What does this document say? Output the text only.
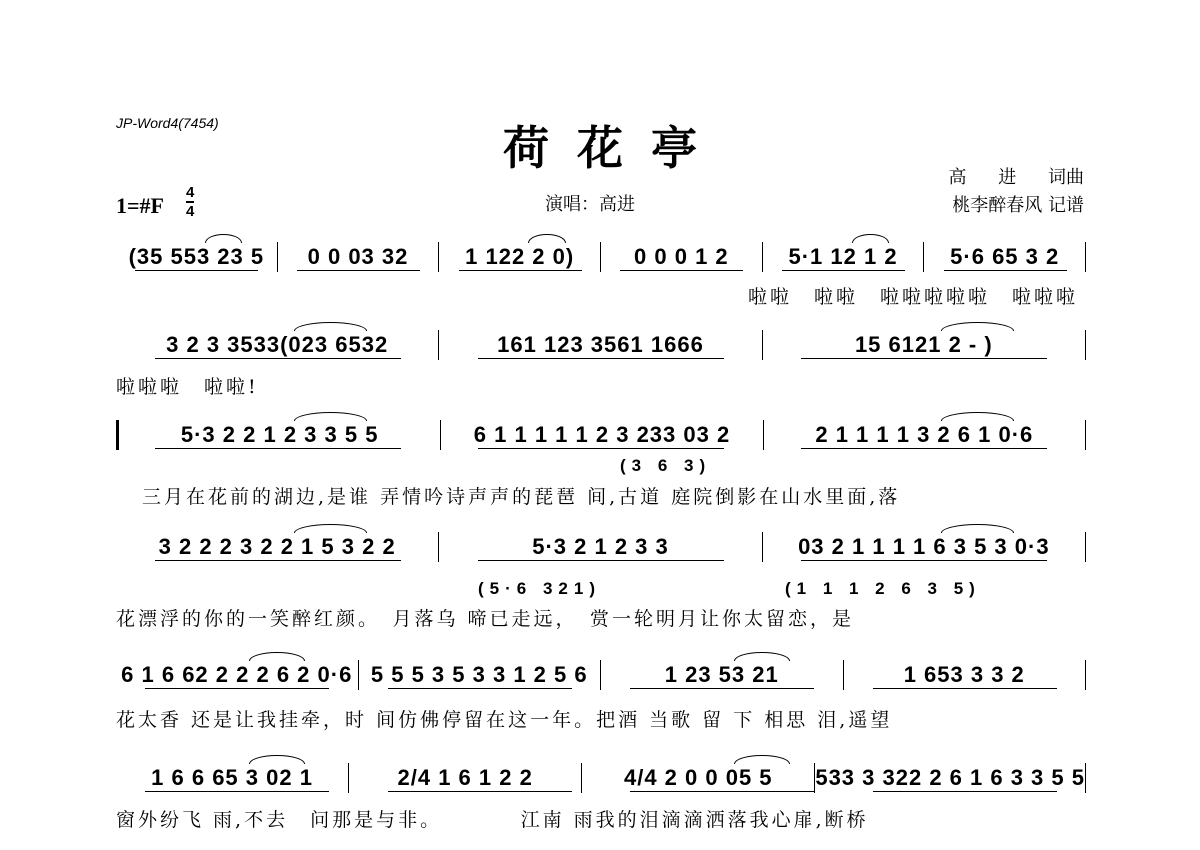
JP-Word4(7454)	荷花亭
高 进 词曲
桃李醉春风 记谱
1=#F
4
4	演唱：高进
(35 553 23 5	0 0 03 32	1 122 2 0)	0 0 0 1 2	5·1 12 1 2	5·6 65 3 2
啦啦　啦啦　啦啦啦啦啦　啦啦啦
3 2 3 3533(023 6532	161 123 3561 1666	15 6121 2 - )
啦啦啦　啦啦!
5·3 2 2 1 2 3 3 5 5	6 1 1 1 1 1 2 3 233 03 2	2 1 1 1 1 3 2 6 1 0·6
(3 6 3)
三月在花前的湖边,是谁 弄情吟诗声声的琵琶 间,古道 庭院倒影在山水里面,落
3 2 2 2 3 2 2 1 5 3 2 2	5·3 2 1 2 3 3	03 2 1 1 1 1 6 3 5 3 0·3
(5·6 321)　　　　　　　　(1 1 1 2 6 3 5)
花漂浮的你的一笑醉红颜。　月落乌 啼已走远，　赏一轮明月让你太留恋，是
6 1 6 62 2 2 2 6 2 0·6 5 5 5 3 5 3 3 1 2 5 6	1 23 53 21	1 653 3 3 2
花太香 还是让我挂牵，时 间仿佛停留在这一年。把酒 当歌 留 下 相思 泪,遥望
1 6 6 65 3 02 1	2/4 1 6 1 2 2	4/4 2 0 0 05 5	533 3 322 2 6 1 6 3 3 5 5
窗外纷飞 雨,不去　问那是与非。　　　　江南 雨我的泪滴滴洒落我心扉,断桥
